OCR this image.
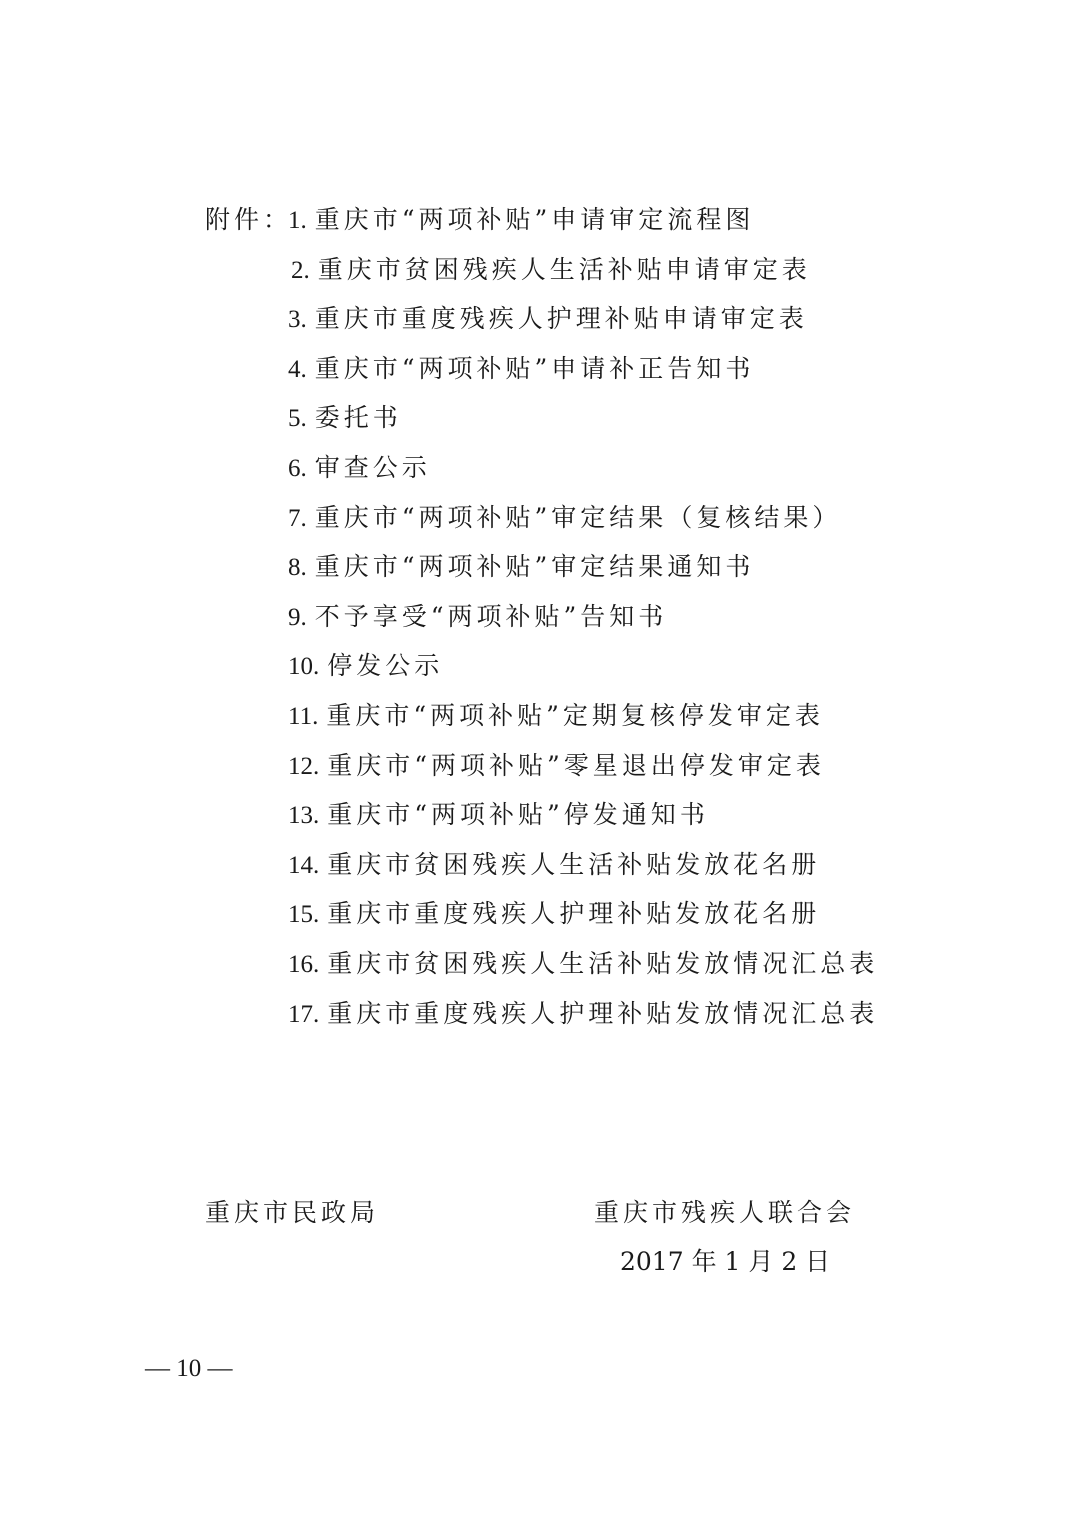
附件：
1. 重庆市“两项补贴”申请审定流程图
2. 重庆市贫困残疾人生活补贴申请审定表
3. 重庆市重度残疾人护理补贴申请审定表
4. 重庆市“两项补贴”申请补正告知书
5. 委托书
6. 审查公示
7. 重庆市“两项补贴”审定结果（复核结果）
8. 重庆市“两项补贴”审定结果通知书
9. 不予享受“两项补贴”告知书
10. 停发公示
11. 重庆市“两项补贴”定期复核停发审定表
12. 重庆市“两项补贴”零星退出停发审定表
13. 重庆市“两项补贴”停发通知书
14. 重庆市贫困残疾人生活补贴发放花名册
15. 重庆市重度残疾人护理补贴发放花名册
16. 重庆市贫困残疾人生活补贴发放情况汇总表
17. 重庆市重度残疾人护理补贴发放情况汇总表
重庆市民政局	重庆市残疾人联合会
2017 年 1 月 2 日
— 10 —
